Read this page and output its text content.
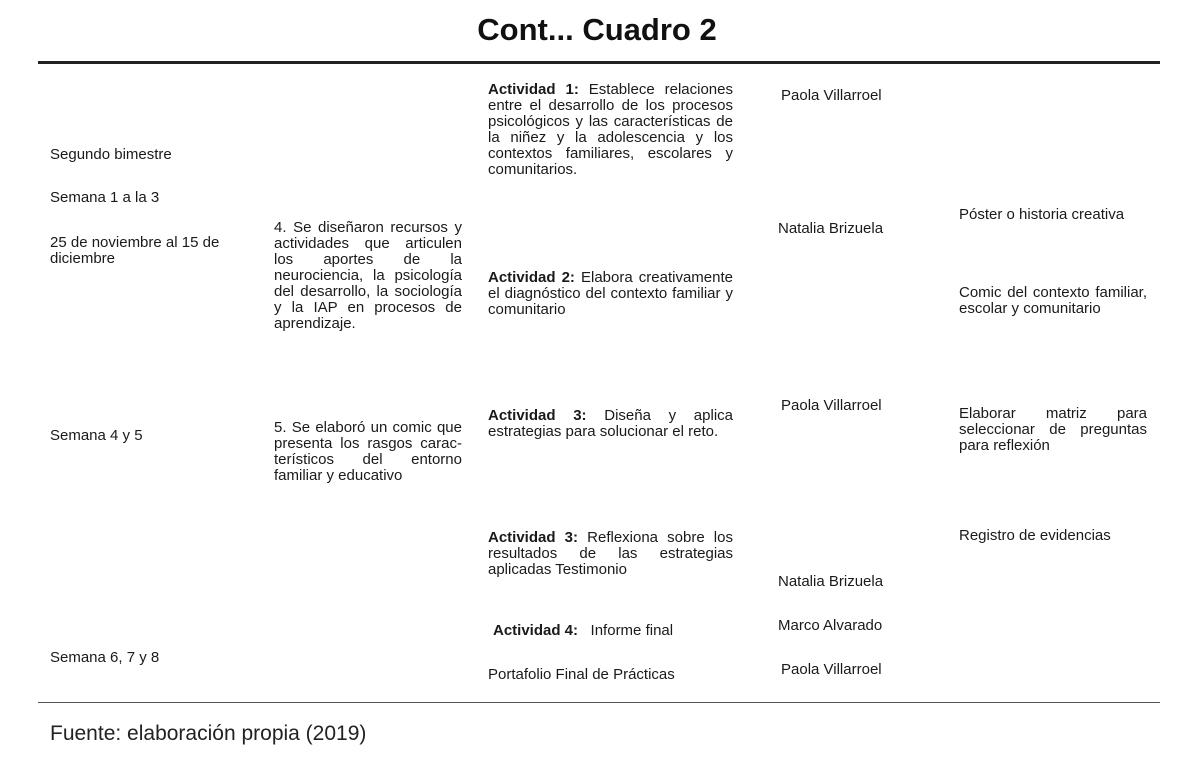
Cont... Cuadro 2

Segundo bimestre

Semana 1 a la 3

25 de noviembre al 15 de diciembre

Semana 4 y 5

Semana 6, 7 y 8

4. Se diseñaron recursos y actividades que articulen los aportes de la neurociencia, la psicología del desarrollo, la sociología y la IAP en procesos de aprendizaje.

5. Se elaboró un comic que presenta los rasgos característicos del entorno familiar y educativo

Actividad 1: Establece relaciones entre el desarrollo de los procesos psicológicos y las características de la niñez y la adolescencia y los contextos familiares, escolares y comunitarios.

Actividad 2: Elabora creativamente el diagnóstico del contexto familiar y comunitario

Actividad 3: Diseña y aplica estrategias para solucionar el reto.

Actividad 3: Reflexiona sobre los resultados de las estrategias aplicadas Testimonio

Actividad 4: Informe final

Portafolio Final de Prácticas

Paola Villarroel

Natalia Brizuela

Paola Villarroel

Natalia Brizuela

Marco Alvarado

Paola Villarroel

Póster o historia creativa

Comic del contexto familiar, escolar y comunitario

Elaborar matriz para seleccionar de preguntas para reflexión

Registro de evidencias

Fuente: elaboración propia (2019)
